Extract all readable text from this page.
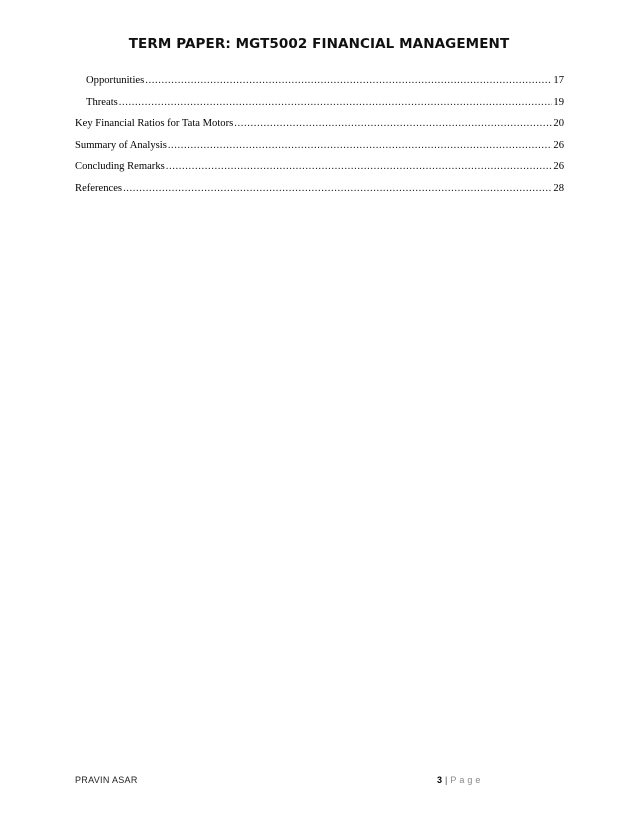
TERM PAPER: MGT5002 FINANCIAL MANAGEMENT
Opportunities .....	17
Threats .....	19
Key Financial Ratios for Tata Motors .....	20
Summary of Analysis .....	26
Concluding Remarks .....	26
References .....	28
PRAVIN ASAR	3 | Page
